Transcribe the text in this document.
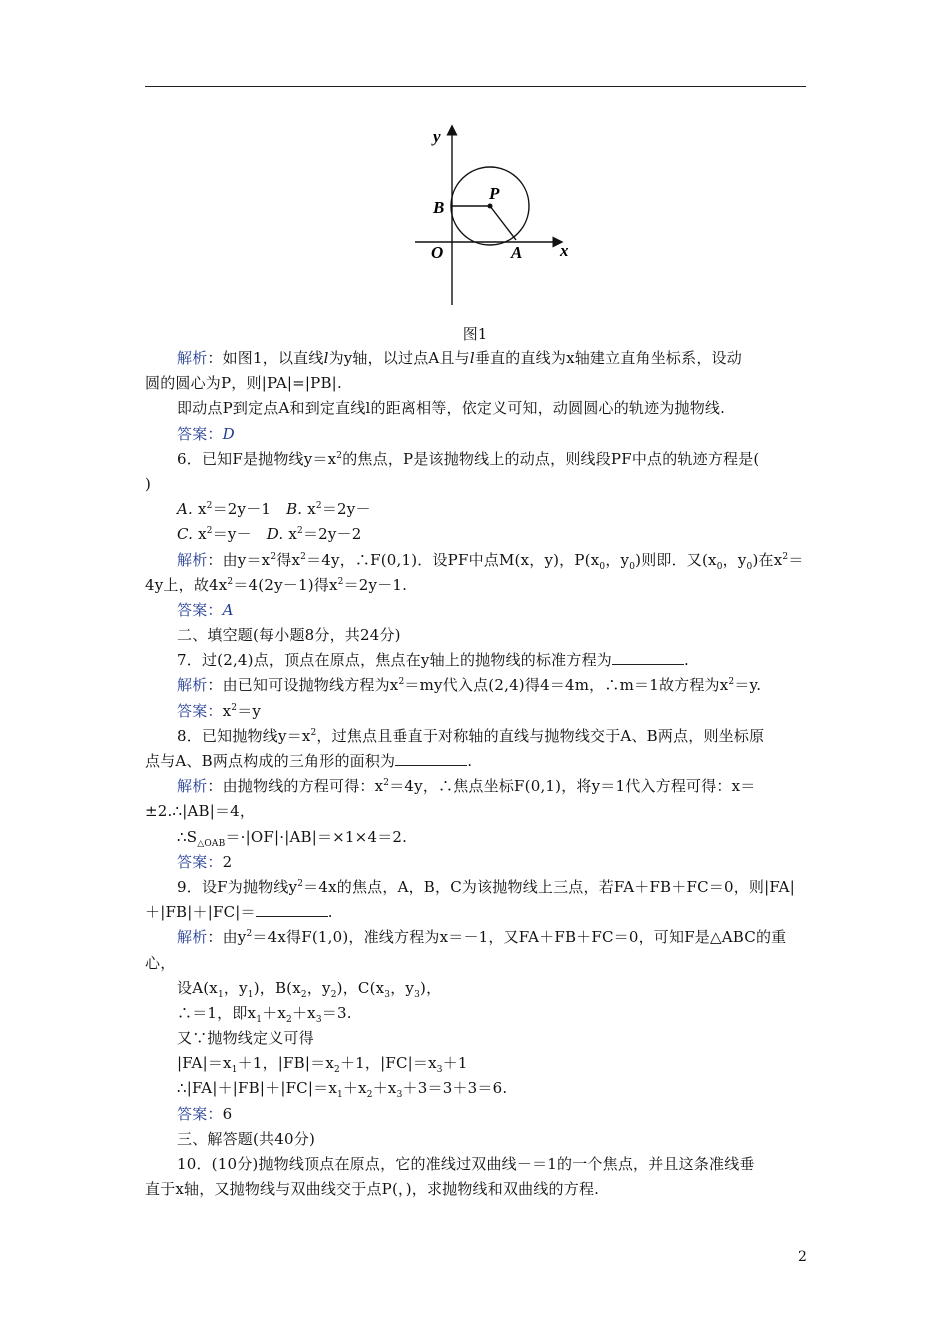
y
x
B
P
O	A
图1
解析：如图1，以直线l为y轴，以过点A且与l垂直的直线为x轴建立直角坐标系，设动
圆的圆心为P，则|PA|=|PB|.
即动点P到定点A和到定直线l的距离相等，依定义可知，动圆圆心的轨迹为抛物线.
答案：D
6．已知F是抛物线$y=x^2$的焦点，P是该抛物线上的动点，则线段PF中点的轨迹方程是(
)
A. $x^2=2y-1$ B. $x^2=2y-$
C. $x^2=y- D$. $x^2=2y-2$
解析：由$y=x^2$得$x^2=4y$，∴F(0,1)．设PF中点M(x，y)，$P(x_0$，$y_0$)则即．又($x_0$，$y_0$)在$x^2=$
4y上，故$4x^2=4(2y-1)$得$x^2=2y-1$.
答案：A
二、填空题(每小题8分，共24分)
7．过(2,4)点，顶点在原点，焦点在y轴上的抛物线的标准方程为	.
解析：由已知可设抛物线方程为$x^2=my$代入点(2,4)得4＝4m，∴m＝1故方程为$x^2=y$.
答案：$x^2=y$
8．已知抛物线$y=x^2$，过焦点且垂直于对称轴的直线与抛物线交于A、B两点，则坐标原
点与A、B两点构成的三角形的面积为	.
解析：由抛物线的方程可得：$x^2=4y$，∴焦点坐标F(0,1)，将y＝1代入方程可得：x＝
±2.∴|AB|＝4，
$\therefore S_{\triangle OAB}=\cdot|OF|\cdot|AB|=\times 1\times 4=2$.
答案：2
9．设F为抛物线$y^2=4x$的焦点，A，B，C为该抛物线上三点，若FA＋FB＋FC＝0，则|FA|
＋|FB|＋|FC|＝	.
解析：由$y^2=4x$得F(1,0)，准线方程为x＝－1，又FA＋FB＋FC＝0，可知F是△ABC的重
心，
设$A(x_1$，$y_1$)，$B(x_2$，$y_2$)，$C(x_3$，$y_3$)，
∴＝1，即$x_1+x_2+x_3=3$.
又∵抛物线定义可得
$|FA|=x_1+1$，$|FB|=x_2+1$，$|FC|=x_3+1$
$\therefore|FA|+|FB|+|FC|=x_1+x_2+x_3+3=3+3=6$.
答案：6
三、解答题(共40分)
10．(10分)抛物线顶点在原点，它的准线过双曲线－＝1的一个焦点，并且这条准线垂
直于x轴，又抛物线与双曲线交于点P(，)，求抛物线和双曲线的方程.
2
